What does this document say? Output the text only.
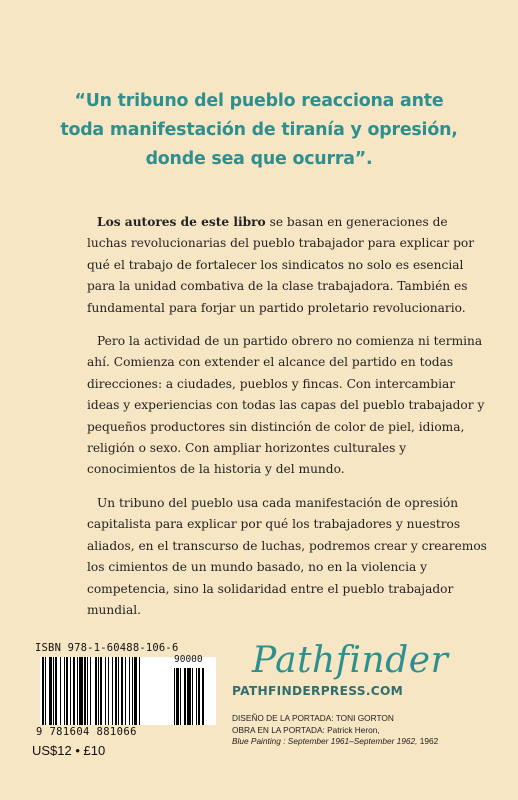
“Un tribuno del pueblo reacciona ante
toda manifestación de tiranía y opresión,
donde sea que ocurra”.

Los autores de este libro se basan en generaciones de luchas revolucionarias del pueblo trabajador para explicar por qué el trabajo de fortalecer los sindicatos no solo es esencial para la unidad combativa de la clase trabajadora. También es fundamental para forjar un partido proletario revolucionario.

Pero la actividad de un partido obrero no comienza ni termina ahí. Comienza con extender el alcance del partido en todas direcciones: a ciudades, pueblos y fincas. Con intercambiar ideas y experiencias con todas las capas del pueblo trabajador y pequeños productores sin distinción de color de piel, idioma, religión o sexo. Con ampliar horizontes culturales y conocimientos de la historia y del mundo.

Un tribuno del pueblo usa cada manifestación de opresión capitalista para explicar por qué los trabajadores y nuestros aliados, en el transcurso de luchas, podremos crear y crearemos los cimientos de un mundo basado, no en la violencia y competencia, sino la solidaridad entre el pueblo trabajador mundial.

ISBN 978-1-60488-106-6
90000
9 781604 881066
US$12 • £10
Pathfinder
PATHFINDERPRESS.COM
DISEÑO DE LA PORTADA: TONI GORTON
OBRA EN LA PORTADA: Patrick Heron,
Blue Painting : September 1961–September 1962, 1962
